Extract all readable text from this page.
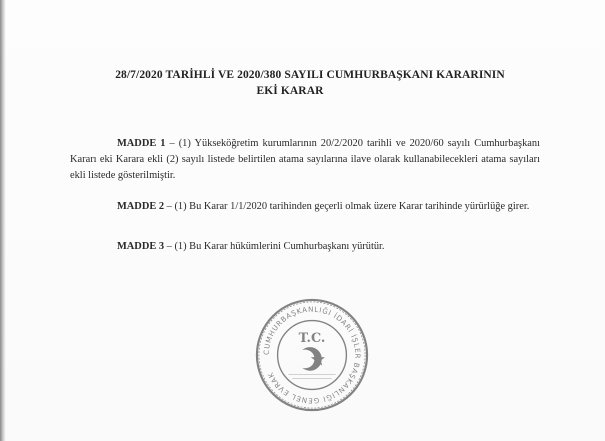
28/7/2020 TARİHLİ VE 2020/380 SAYILI CUMHURBAŞKANI KARARININ
EKİ KARAR
MADDE 1 – (1) Yükseköğretim kurumlarının 20/2/2020 tarihli ve 2020/60 sayılı Cumhurbaşkanı Kararı eki Karara ekli (2) sayılı listede belirtilen atama sayılarına ilave olarak kullanabilecekleri atama sayıları ekli listede gösterilmiştir.
MADDE 2 – (1) Bu Karar 1/1/2020 tarihinden geçerli olmak üzere Karar tarihinde yürürlüğe girer.
MADDE 3 – (1) Bu Karar hükümlerini Cumhurbaşkanı yürütür.
CUMHURBAŞKANLIĞI İDARİ İŞLER BAŞKANLIĞI GENEL EVRAK
T.C.
